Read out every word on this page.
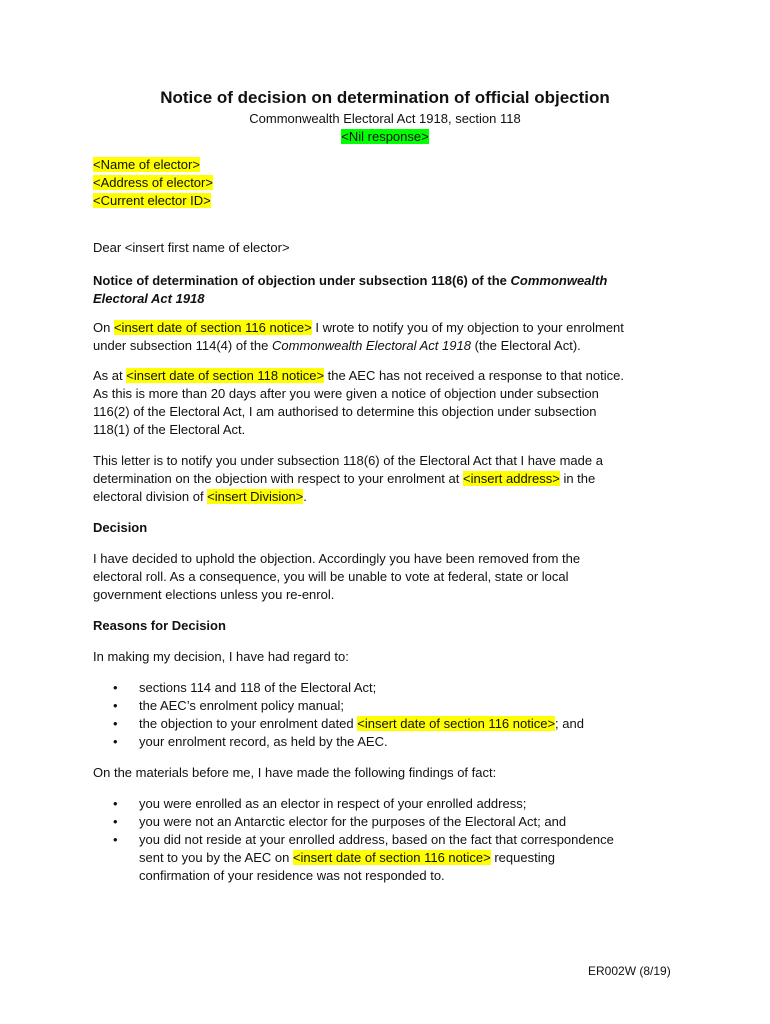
Notice of decision on determination of official objection
Commonwealth Electoral Act 1918, section 118
<Nil response>
<Name of elector>
<Address of elector>
<Current elector ID>
Dear <insert first name of elector>
Notice of determination of objection under subsection 118(6) of the Commonwealth
Electoral Act 1918
On <insert date of section 116 notice> I wrote to notify you of my objection to your enrolment
under subsection 114(4) of the Commonwealth Electoral Act 1918 (the Electoral Act).
As at <insert date of section 118 notice> the AEC has not received a response to that notice.
As this is more than 20 days after you were given a notice of objection under subsection
116(2) of the Electoral Act, I am authorised to determine this objection under subsection
118(1) of the Electoral Act.
This letter is to notify you under subsection 118(6) of the Electoral Act that I have made a
determination on the objection with respect to your enrolment at <insert address> in the
electoral division of <insert Division>.
Decision
I have decided to uphold the objection. Accordingly you have been removed from the
electoral roll. As a consequence, you will be unable to vote at federal, state or local
government elections unless you re-enrol.
Reasons for Decision
In making my decision, I have had regard to:
• sections 114 and 118 of the Electoral Act;
• the AEC’s enrolment policy manual;
• the objection to your enrolment dated <insert date of section 116 notice>; and
• your enrolment record, as held by the AEC.
On the materials before me, I have made the following findings of fact:
• you were enrolled as an elector in respect of your enrolled address;
• you were not an Antarctic elector for the purposes of the Electoral Act; and
• you did not reside at your enrolled address, based on the fact that correspondence
sent to you by the AEC on <insert date of section 116 notice> requesting
confirmation of your residence was not responded to.
ER002W (8/19)
